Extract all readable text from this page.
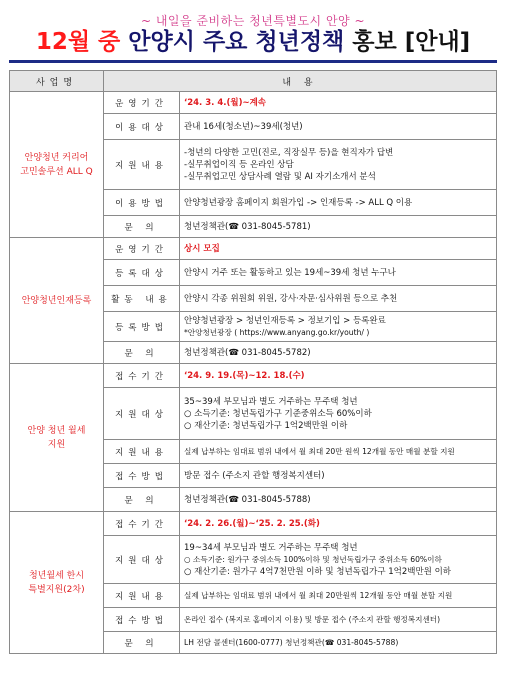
~ 내일을 준비하는 청년특별도시 안양 ~
12월 중 안양시 주요 청년정책 홍보 [안내]
사업명	내 용	
안양청년 커리어
고민솔루션 ALL Q	운영기간	‘24. 3. 4.(월)~계속

	이용대상	관내 16세(청소년)~39세(청년)

	지원내용	-청년의 다양한 고민(진로, 직장실무 등)을 현직자가 답변
-실무취업이직 등 온라인 상담
-실무취업고민 상담사례 열람 및 AI 자기소개서 분석

	이용방법	안양청년광장 홈페이지 회원가입 -> 인재등록 -> ALL Q 이용

	문 의	청년정책관(☎ 031-8045-5781)

안양청년인재등록	운영기간	상시 모집

	등록대상	안양시 거주 또는 활동하고 있는 19세~39세 청년 누구나

	활동 내용	안양시 각종 위원회 위원, 강사·자문·심사위원 등으로 추천

	등록방법	안양청년광장 > 청년인재등록 > 정보기입 > 등록완료
*안양청년광장 ( https://www.anyang.go.kr/youth/ )

	문 의	청년정책관(☎ 031-8045-5782)

안양 청년 월세
지원	접수기간	‘24. 9. 19.(목)~12. 18.(수)

	지원대상	35~39세 부모님과 별도 거주하는 무주택 청년
○ 소득기준: 청년독립가구 기준중위소득 60%이하
○ 재산기준: 청년독립가구 1억2백만원 이하

	지원내용	실제 납부하는 임대료 범위 내에서 월 최대 20만 원씩 12개월 동안 매월 분할 지원

	접수방법	방문 접수 (주소지 관할 행정복지센터)

	문 의	청년정책관(☎ 031-8045-5788)

청년월세 한시
특별지원(2차)	접수기간	‘24. 2. 26.(월)~‘25. 2. 25.(화)

	지원대상	19~34세 부모님과 별도 거주하는 무주택 청년
○ 소득기준: 원가구 중위소득 100%이하 및 청년독립가구 중위소득 60%이하
○ 재산기준: 원가구 4억7천만원 이하 및 청년독립가구 1억2백만원 이하

	지원내용	실제 납부하는 임대료 범위 내에서 월 최대 20만원씩 12개월 동안 매월 분할 지원

	접수방법	온라인 접수 (복지로 홈페이지 이용) 및 방문 접수 (주소지 관할 행정복지센터)

	문 의	LH 전담 콜센터(1600-0777) 청년정책관(☎ 031-8045-5788)
